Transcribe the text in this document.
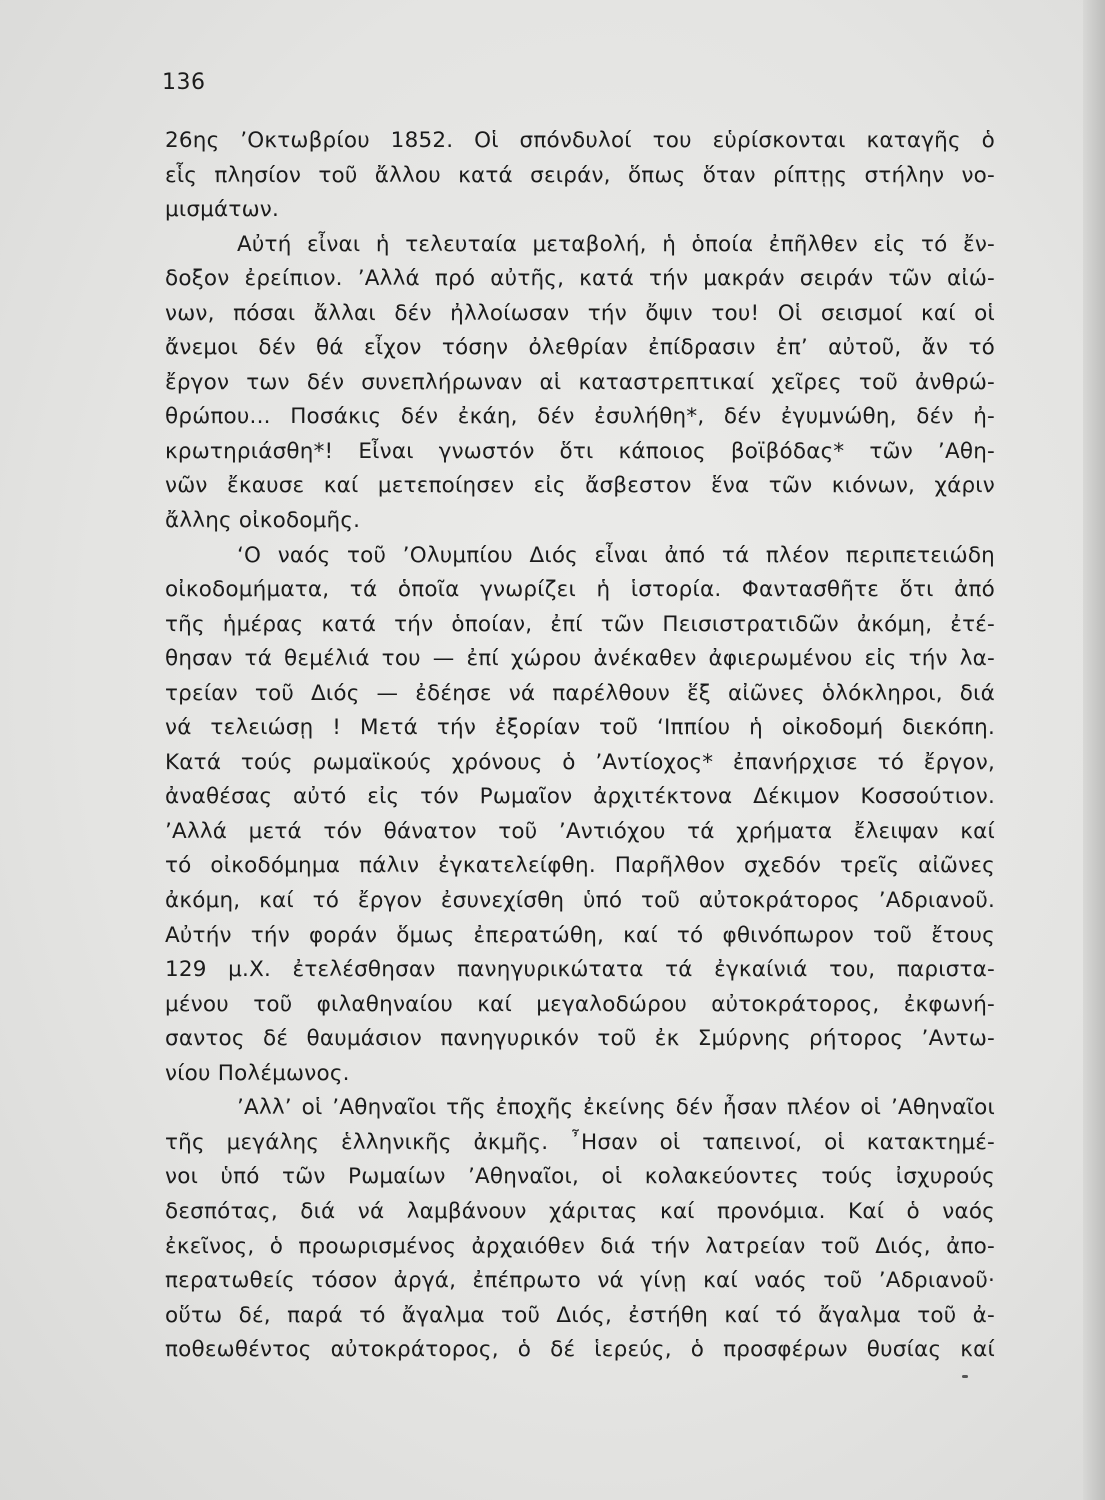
136
26ης ’Οκτωβρίου 1852. Οἱ σπόνδυλοί του εὑρίσκονται καταγῆς ὁ
εἷς πλησίον τοῦ ἄλλου κατά σειράν, ὅπως ὅταν ρίπτῃς στήλην νο-
μισμάτων.
Αὐτή εἶναι ἡ τελευταία μεταβολή, ἡ ὁποία ἐπῆλθεν εἰς τό ἔν-
δοξον ἐρείπιον. ’Αλλά πρό αὐτῆς, κατά τήν μακράν σειράν τῶν αἰώ-
νων, πόσαι ἄλλαι δέν ἠλλοίωσαν τήν ὄψιν του! Οἱ σεισμοί καί οἱ
ἄνεμοι δέν θά εἶχον τόσην ὀλεθρίαν ἐπίδρασιν ἐπ’ αὐτοῦ, ἄν τό
ἔργον των δέν συνεπλήρωναν αἱ καταστρεπτικαί χεῖρες τοῦ ἀνθρώ-
θρώπου... Ποσάκις δέν ἐκάη, δέν ἐσυλήθη*, δέν ἐγυμνώθη, δέν ἠ-
κρωτηριάσθη*! Εἶναι γνωστόν ὅτι κάποιος βοϊβόδας* τῶν ’Αθη-
νῶν ἔκαυσε καί μετεποίησεν εἰς ἄσβεστον ἕνα τῶν κιόνων, χάριν
ἄλλης οἰκοδομῆς.
‘Ο ναός τοῦ ’Ολυμπίου Διός εἶναι ἀπό τά πλέον περιπετειώδη
οἰκοδομήματα, τά ὁποῖα γνωρίζει ἡ ἱστορία. Φαντασθῆτε ὅτι ἀπό
τῆς ἡμέρας κατά τήν ὁποίαν, ἐπί τῶν Πεισιστρατιδῶν ἀκόμη, ἐτέ-
θησαν τά θεμέλιά του — ἐπί χώρου ἀνέκαθεν ἀφιερωμένου εἰς τήν λα-
τρείαν τοῦ Διός — ἐδέησε νά παρέλθουν ἕξ αἰῶνες ὁλόκληροι, διά
νά τελειώσῃ ! Μετά τήν ἐξορίαν τοῦ ‘Ιππίου ἡ οἰκοδομή διεκόπη.
Κατά τούς ρωμαϊκούς χρόνους ὁ ’Αντίοχος* ἐπανήρχισε τό ἔργον,
ἀναθέσας αὐτό εἰς τόν Ρωμαῖον ἀρχιτέκτονα Δέκιμον Κοσσούτιον.
’Αλλά μετά τόν θάνατον τοῦ ’Αντιόχου τά χρήματα ἔλειψαν καί
τό οἰκοδόμημα πάλιν ἐγκατελείφθη. Παρῆλθον σχεδόν τρεῖς αἰῶνες
ἀκόμη, καί τό ἔργον ἐσυνεχίσθη ὑπό τοῦ αὐτοκράτορος ’Αδριανοῦ.
Αὐτήν τήν φοράν ὅμως ἐπερατώθη, καί τό φθινόπωρον τοῦ ἔτους
129 μ.Χ. ἐτελέσθησαν πανηγυρικώτατα τά ἐγκαίνιά του, παριστα-
μένου τοῦ φιλαθηναίου καί μεγαλοδώρου αὐτοκράτορος, ἐκφωνή-
σαντος δέ θαυμάσιον πανηγυρικόν τοῦ ἐκ Σμύρνης ρήτορος ’Αντω-
νίου Πολέμωνος.
’Αλλ’ οἱ ’Αθηναῖοι τῆς ἐποχῆς ἐκείνης δέν ἦσαν πλέον οἱ ’Αθηναῖοι
τῆς μεγάλης ἑλληνικῆς ἀκμῆς. ῏Ησαν οἱ ταπεινοί, οἱ κατακτημέ-
νοι ὑπό τῶν Ρωμαίων ’Αθηναῖοι, οἱ κολακεύοντες τούς ἰσχυρούς
δεσπότας, διά νά λαμβάνουν χάριτας καί προνόμια. Καί ὁ ναός
ἐκεῖνος, ὁ προωρισμένος ἀρχαιόθεν διά τήν λατρείαν τοῦ Διός, ἀπο-
περατωθείς τόσον ἀργά, ἐπέπρωτο νά γίνῃ καί ναός τοῦ ’Αδριανοῦ·
οὕτω δέ, παρά τό ἄγαλμα τοῦ Διός, ἐστήθη καί τό ἄγαλμα τοῦ ἀ-
ποθεωθέντος αὐτοκράτορος, ὁ δέ ἱερεύς, ὁ προσφέρων θυσίας καί
